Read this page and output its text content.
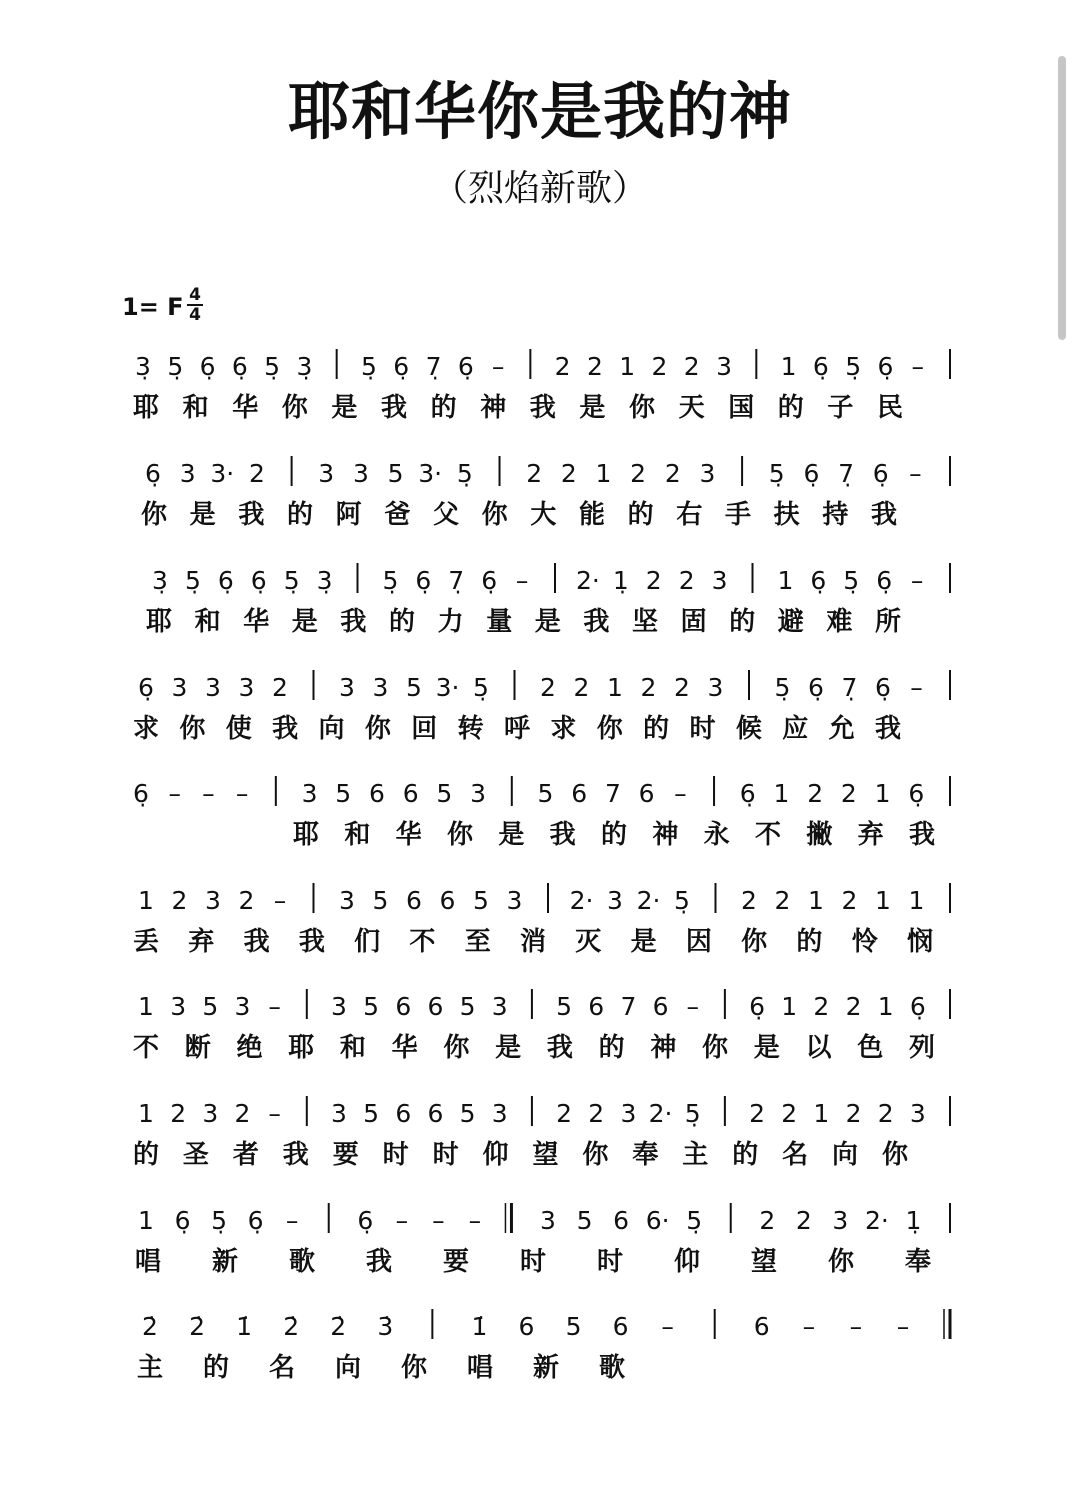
耶和华你是我的神
（烈焰新歌）
1= F 4
4
3̣ 5̣ 6̣ 6̣ 5̣ 3̣ 5̣ 6̣ 7̣ 6̣ – 2 2 1 2 2 3 1 6̣ 5̣ 6̣ –
耶 和 华 你 是 我 的 神 我 是 你 天 国 的 子 民
6̣ 3 3· 2 3 3 5 3· 5̣ 2 2 1 2 2 3 5̣ 6̣ 7̣ 6̣ –
你 是 我 的 阿 爸 父 你 大 能 的 右 手 扶 持 我
3̣ 5̣ 6̣ 6̣ 5̣ 3̣ 5̣ 6̣ 7̣ 6̣ – 2· 1̣ 2 2 3 1 6̣ 5̣ 6̣ –
耶 和 华 是 我 的 力 量 是 我 坚 固 的 避 难 所
6̣ 3 3 3 2 3 3 5 3· 5̣ 2 2 1 2 2 3 5̣ 6̣ 7̣ 6̣ –
求 你 使 我 向 你 回 转 呼 求 你 的 时 候 应 允 我
6̣ – – – 3 5 6 6 5 3 5 6 7 6 – 6̣ 1 2 2 1 6̣
耶 和 华 你 是 我 的 神 永 不 撇 弃 我
1 2 3 2 – 3 5 6 6 5 3 2· 3 2· 5̣ 2 2 1 2 1 1
丢 弃 我 我 们 不 至 消 灭 是 因 你 的 怜 悯
1 3 5 3 – 3 5 6 6 5 3 5 6 7 6 – 6̣ 1 2 2 1 6̣
不 断 绝 耶 和 华 你 是 我 的 神 你 是 以 色 列
1 2 3 2 – 3 5 6 6 5 3 2 2 3 2· 5̣ 2 2 1 2 2 3
的 圣 者 我 要 时 时 仰 望 你 奉 主 的 名 向 你
1 6̣ 5̣ 6̣ – 6̣ – – – 3 5 6 6· 5̣ 2 2 3 2· 1̣
唱 新 歌 我 要 时 时 仰 望 你 奉
2̇ 2̇ 1̇ 2̇ 2̇ 3̇	1̇ 6 5 6 –	6 – – –
主 的 名 向 你 唱 新 歌
